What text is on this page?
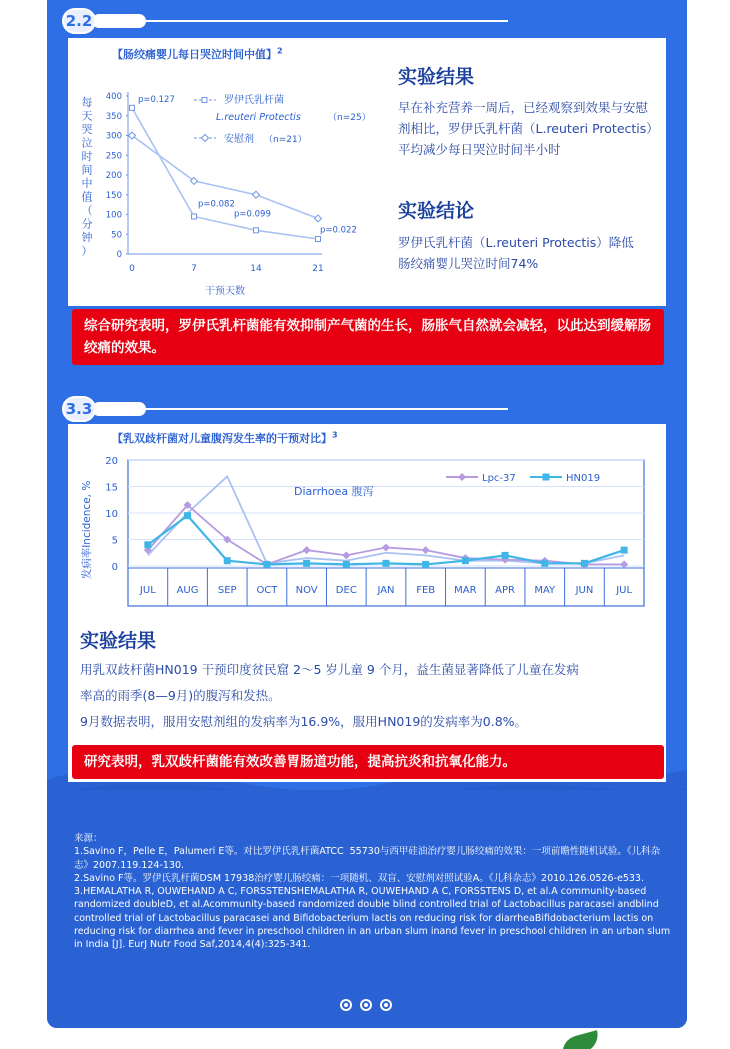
2.2
【肠绞痛婴儿每日哭泣时间中值】$^2$
每
天
哭
泣
时
间
中
值
（
分
钟
）	0
50
100
150
200
250
300
350
400
0	7	14	21
干预天数
p=0.127
p=0.082
p=0.099
p=0.022
罗伊氏乳杆菌
L.reuteri Protectis	（n=25）
安慰剂 （n=21）
实验结果
早在补充营养一周后，已经观察到效果与安慰剂相比，罗伊氏乳杆菌（L.reuteri Protectis）平均减少每日哭泣时间半小时
实验结论
罗伊氏乳杆菌（L.reuteri Protectis）降低肠绞痛婴儿哭泣时间74%
综合研究表明，罗伊氏乳杆菌能有效抑制产气菌的生长，肠胀气自然就会减轻，以此达到缓解肠绞痛的效果。
3.3
【乳双歧杆菌对儿童腹泻发生率的干预对比】$^3$
发病率Incidence, % 0
5
10
15
20
JUL AUG SEP OCT NOV DEC JAN FEB MAR APR MAY JUN JUL
Diarrhoea 腹泻
Lpc-37	HN019
实验结果
用乳双歧杆菌HN019 干预印度贫民窟 2～5 岁儿童 9 个月，益生菌显著降低了儿童在发病
率高的雨季(8—9月)的腹泻和发热。
9月数据表明，服用安慰剂组的发病率为16.9%，服用HN019的发病率为0.8%。
研究表明，乳双歧杆菌能有效改善胃肠道功能，提高抗炎和抗氧化能力。
来源：
1.Savino F，Pelle E，Palumeri E等。对比罗伊氏乳杆菌ATCC  55730与西甲硅油治疗婴儿肠绞痛的效果：一项前瞻性随机试验。《儿科杂志》2007.119.124-130.
2.Savino F等。罗伊氏乳杆菌DSM 17938治疗婴儿肠绞痛：一项随机、双盲、安慰剂对照试验A。《儿科杂志》2010.126.0526-e533.
3.HEMALATHA R, OUWEHAND A C, FORSSTENSHEMALATHA R, OUWEHAND A C, FORSSTENS D, et al.A community-based randomized doubleD, et al.Acommunity-based randomized double blind controlled trial of Lactobacillus paracasei andblind controlled trial of Lactobacillus paracasei and Bifidobacterium lactis on reducing risk for diarrheaBifidobacterium lactis on reducing risk for diarrhea and fever in preschool children in an urban slum inand fever in preschool children in an urban slum in India [J]. EurJ Nutr Food Saf,2014,4(4):325-341.
